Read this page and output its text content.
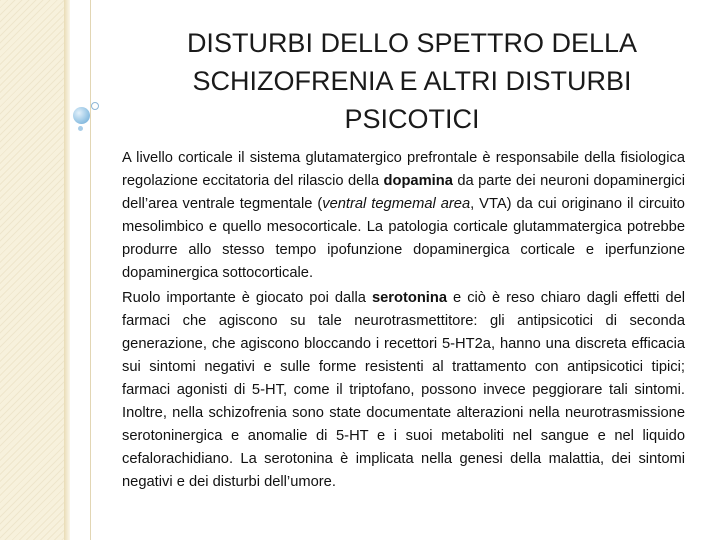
DISTURBI DELLO SPETTRO DELLA SCHIZOFRENIA E ALTRI DISTURBI PSICOTICI

A livello corticale il sistema glutamatergico prefrontale è responsabile della fisiologica regolazione eccitatoria del rilascio della dopamina da parte dei neuroni dopaminergici dell’area ventrale tegmentale (ventral tegmemal area, VTA) da cui originano il circuito mesolimbico e quello mesocorticale. La patologia corticale glutammatergica potrebbe produrre allo stesso tempo ipofunzione dopaminergica corticale e iperfunzione dopaminergica sottocorticale.

Ruolo importante è giocato poi dalla serotonina e ciò è reso chiaro dagli effetti del farmaci che agiscono su tale neurotrasmettitore: gli antipsicotici di seconda generazione, che agiscono bloccando i recettori 5-HT2a, hanno una discreta efficacia sui sintomi negativi e sulle forme resistenti al trattamento con antipsicotici tipici; farmaci agonisti di 5-HT, come il triptofano, possono invece peggiorare tali sintomi. Inoltre, nella schizofrenia sono state documentate alterazioni nella neurotrasmissione serotoninergica e anomalie di 5-HT e i suoi metaboliti nel sangue e nel liquido cefalorachidiano. La serotonina è implicata nella genesi della malattia, dei sintomi negativi e dei disturbi dell’umore.
